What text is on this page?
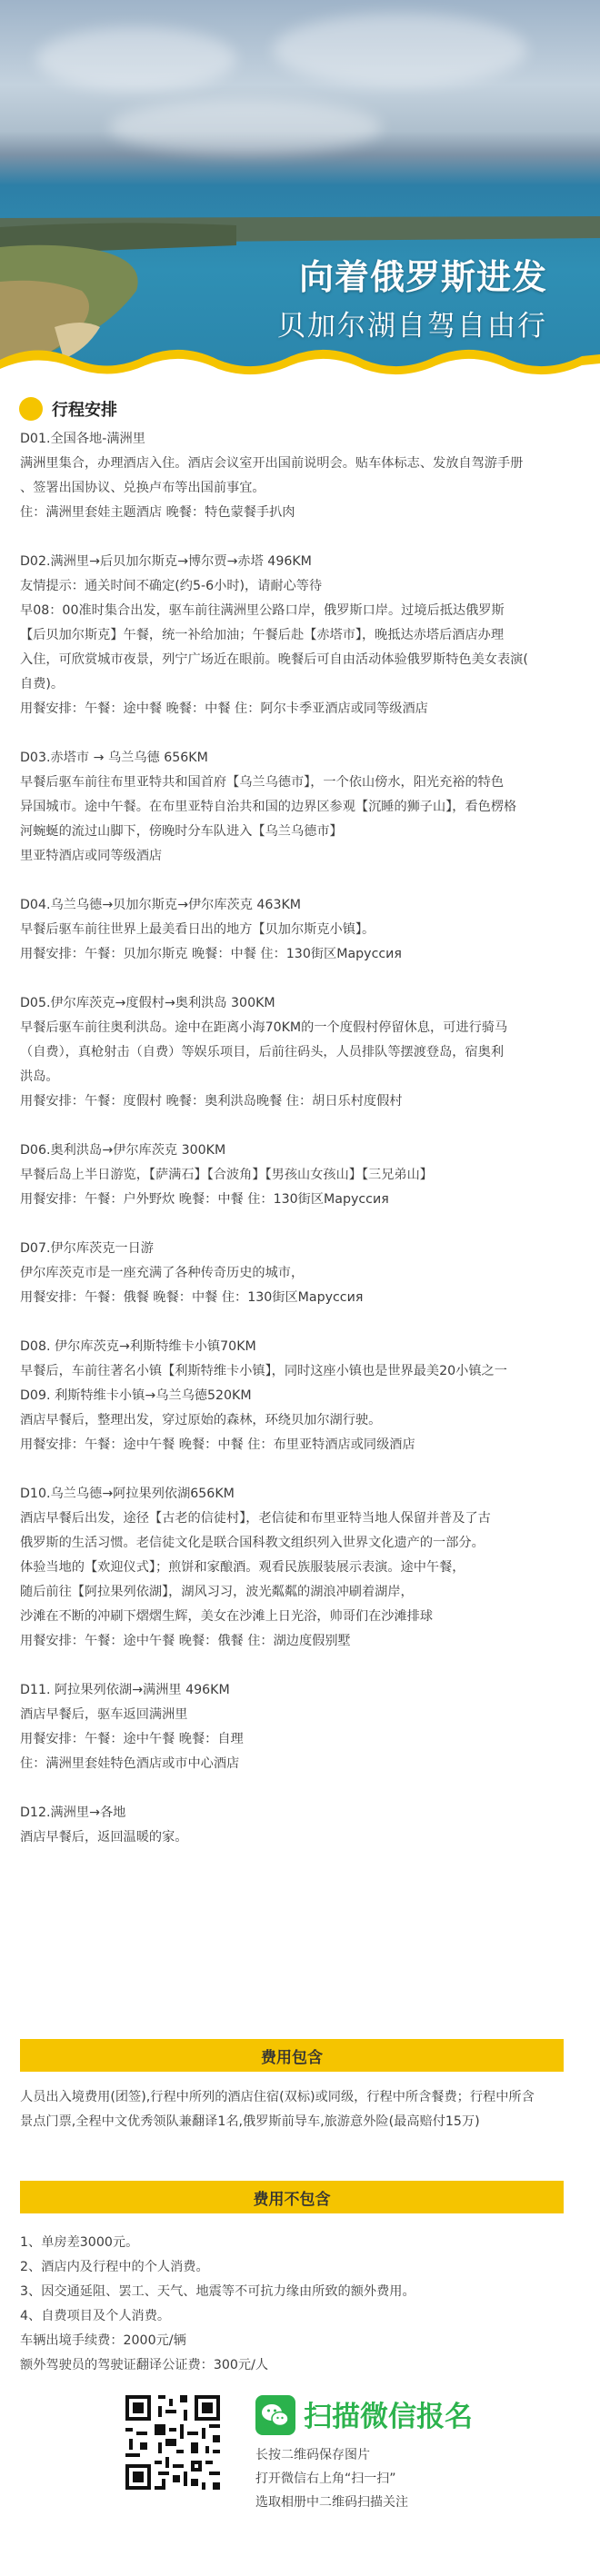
向着俄罗斯进发
贝加尔湖自驾自由行
行程安排
D01.全国各地-满洲里
满洲里集合，办理酒店入住。酒店会议室开出国前说明会。贴车体标志、发放自驾游手册
、签署出国协议、兑换卢布等出国前事宜。
住：满洲里套娃主题酒店 晚餐：特色蒙餐手扒肉
D02.满洲里→后贝加尔斯克→博尔贾→赤塔 496KM
友情提示：通关时间不确定(约5-6小时)，请耐心等待
早08：00准时集合出发，驱车前往满洲里公路口岸，俄罗斯口岸。过境后抵达俄罗斯
【后贝加尔斯克】午餐，统一补给加油；午餐后赴【赤塔市】，晚抵达赤塔后酒店办理
入住，可欣赏城市夜景，列宁广场近在眼前。晚餐后可自由活动体验俄罗斯特色美女表演(
自费)。
用餐安排：午餐：途中餐 晚餐：中餐 住：阿尔卡季亚酒店或同等级酒店
D03.赤塔市 → 乌兰乌德 656KM
早餐后驱车前往布里亚特共和国首府【乌兰乌德市】，一个依山傍水，阳光充裕的特色
异国城市。途中午餐。在布里亚特自治共和国的边界区参观【沉睡的狮子山】，看色楞格
河蜿蜒的流过山脚下，傍晚时分车队进入【乌兰乌德市】
里亚特酒店或同等级酒店
D04.乌兰乌德→贝加尔斯克→伊尔库茨克 463KM
早餐后驱车前往世界上最美看日出的地方【贝加尔斯克小镇】。
用餐安排：午餐：贝加尔斯克 晚餐：中餐 住：130街区Маруссия
D05.伊尔库茨克→度假村→奥利洪岛 300KM
早餐后驱车前往奥利洪岛。途中在距离小海70KM的一个度假村停留休息，可进行骑马
（自费），真枪射击（自费）等娱乐项目，后前往码头，人员排队等摆渡登岛，宿奥利
洪岛。
用餐安排：午餐：度假村 晚餐：奥利洪岛晚餐 住：胡日乐村度假村
D06.奥利洪岛→伊尔库茨克 300KM
早餐后岛上半日游览，【萨满石】【合波角】【男孩山女孩山】【三兄弟山】
用餐安排：午餐：户外野炊 晚餐：中餐 住：130街区Маруссия
D07.伊尔库茨克一日游
伊尔库茨克市是一座充满了各种传奇历史的城市，
用餐安排：午餐：俄餐 晚餐：中餐 住：130街区Маруссия
D08. 伊尔库茨克→利斯特维卡小镇70KM
早餐后，车前往著名小镇【利斯特维卡小镇】，同时这座小镇也是世界最美20小镇之一
D09. 利斯特维卡小镇→乌兰乌德520KM
酒店早餐后，整理出发，穿过原始的森林，环绕贝加尔湖行驶。
用餐安排：午餐：途中午餐 晚餐：中餐 住：布里亚特酒店或同级酒店
D10.乌兰乌德→阿拉果列依湖656KM
酒店早餐后出发，途径【古老的信徒村】，老信徒和布里亚特当地人保留并普及了古
俄罗斯的生活习惯。老信徒文化是联合国科教文组织列入世界文化遗产的一部分。
体验当地的【欢迎仪式】；煎饼和家酿酒。观看民族服装展示表演。途中午餐，
随后前往【阿拉果列依湖】，湖风习习，波光粼粼的湖浪冲刷着湖岸，
沙滩在不断的冲刷下熠熠生辉，美女在沙滩上日光浴，帅哥们在沙滩排球
用餐安排：午餐：途中午餐 晚餐：俄餐 住：湖边度假别墅
D11. 阿拉果列依湖→满洲里 496KM
酒店早餐后，驱车返回满洲里
用餐安排：午餐：途中午餐 晚餐：自理
住：满洲里套娃特色酒店或市中心酒店
D12.满洲里→各地
酒店早餐后，返回温暖的家。
费用包含
人员出入境费用(团签),行程中所列的酒店住宿(双标)或同级，行程中所含餐费；行程中所含
景点门票,全程中文优秀领队兼翻译1名,俄罗斯前导车,旅游意外险(最高赔付15万)
费用不包含
1、单房差3000元。
2、酒店内及行程中的个人消费。
3、因交通延阻、罢工、天气、地震等不可抗力缘由所致的额外费用。
4、自费项目及个人消费。
车辆出境手续费：2000元/辆
额外驾驶员的驾驶证翻译公证费：300元/人
扫描微信报名
长按二维码保存图片
打开微信右上角“扫一扫”
选取相册中二维码扫描关注
